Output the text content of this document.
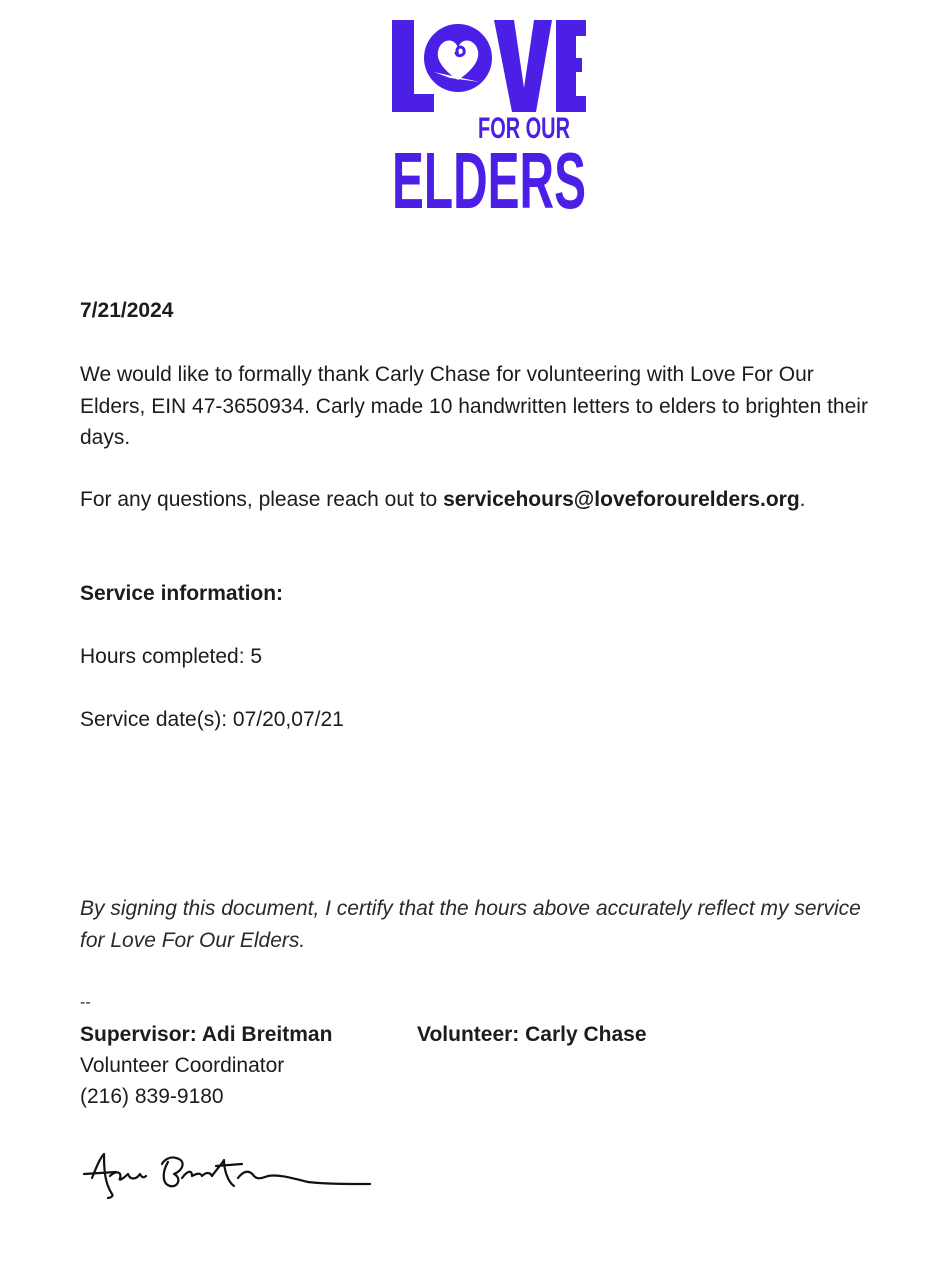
FOR OUR
ELDERS
7/21/2024
We would like to formally thank Carly Chase for volunteering with Love For Our Elders, EIN 47-3650934. Carly made 10 handwritten letters to elders to brighten their days.
For any questions, please reach out to servicehours@loveforourelders.org.
Service information:
Hours completed: 5
Service date(s): 07/20,07/21
By signing this document, I certify that the hours above accurately reflect my service for Love For Our Elders.
--
Supervisor: Adi Breitman	Volunteer: Carly Chase
Volunteer Coordinator
(216) 839-9180
